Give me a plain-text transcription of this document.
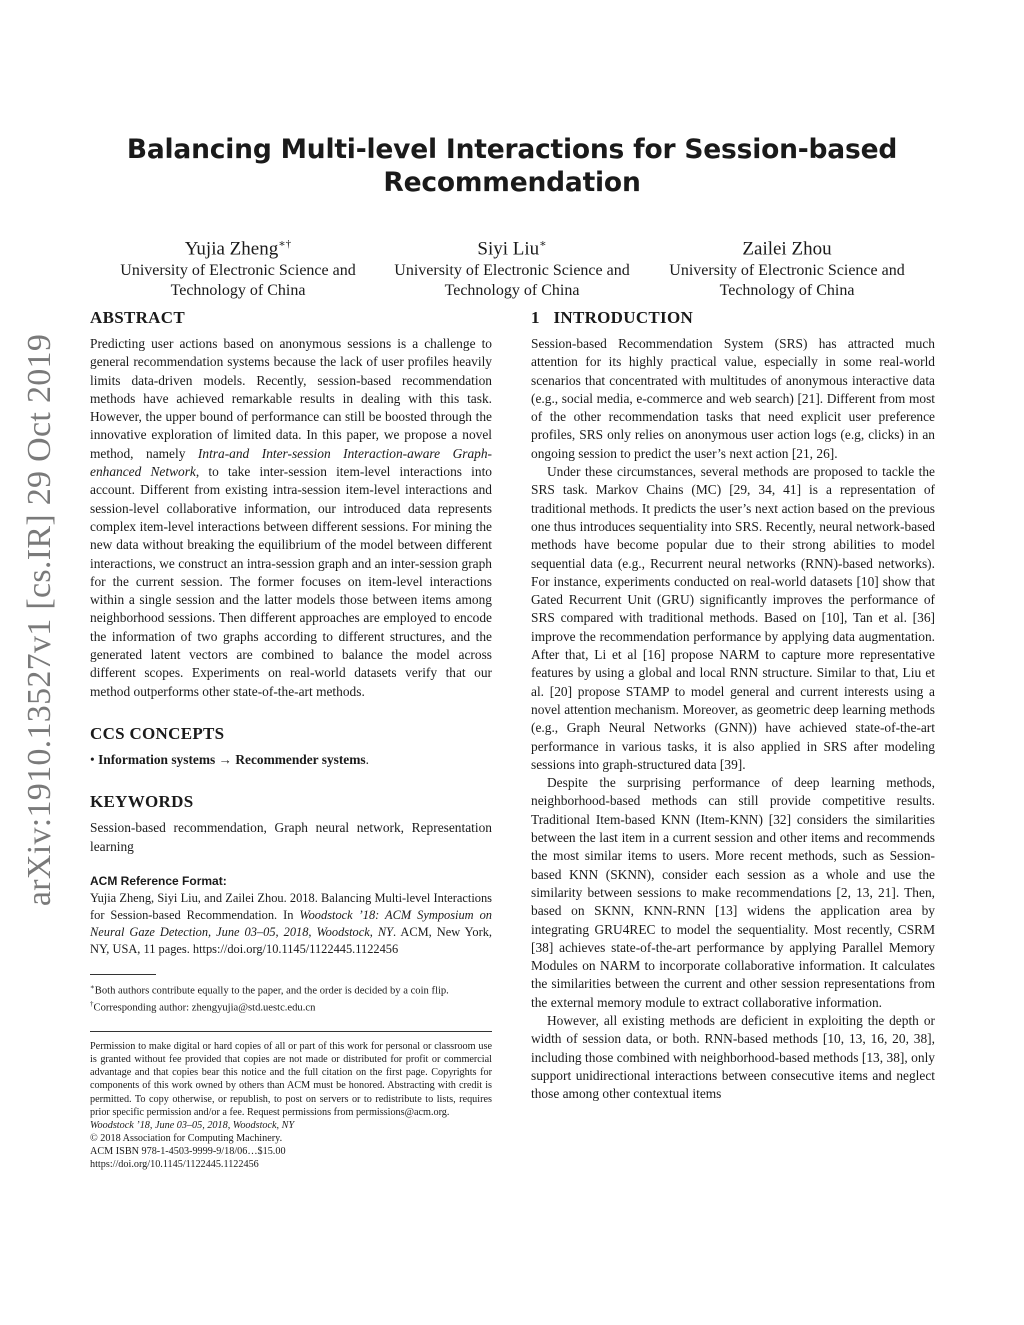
Balancing Multi-level Interactions for Session-based Recommendation
Yujia Zheng∗†
University of Electronic Science and
Technology of China
Siyi Liu∗
University of Electronic Science and
Technology of China
Zailei Zhou
University of Electronic Science and
Technology of China
arXiv:1910.13527v1 [cs.IR] 29 Oct 2019
ABSTRACT

Predicting user actions based on anonymous sessions is a challenge to general recommendation systems because the lack of user profiles heavily limits data-driven models. Recently, session-based recommendation methods have achieved remarkable results in dealing with this task. However, the upper bound of performance can still be boosted through the innovative exploration of limited data. In this paper, we propose a novel method, namely Intra-and Inter-session Interaction-aware Graph-enhanced Network, to take inter-session item-level interactions into account. Different from existing intra-session item-level interactions and session-level collaborative information, our introduced data represents complex item-level interactions between different sessions. For mining the new data without breaking the equilibrium of the model between different interactions, we construct an intra-session graph and an inter-session graph for the current session. The former focuses on item-level interactions within a single session and the latter models those between items among neighborhood sessions. Then different approaches are employed to encode the information of two graphs according to different structures, and the generated latent vectors are combined to balance the model across different scopes. Experiments on real-world datasets verify that our method outperforms other state-of-the-art methods.

CCS CONCEPTS

• Information systems → Recommender systems.

KEYWORDS

Session-based recommendation, Graph neural network, Representation learning

ACM Reference Format:

Yujia Zheng, Siyi Liu, and Zailei Zhou. 2018. Balancing Multi-level Interactions for Session-based Recommendation. In Woodstock ’18: ACM Symposium on Neural Gaze Detection, June 03–05, 2018, Woodstock, NY. ACM, New York, NY, USA, 11 pages. https://doi.org/10.1145/1122445.1122456

∗Both authors contribute equally to the paper, and the order is decided by a coin flip.
†Corresponding author: zhengyujia@std.uestc.edu.cn
Permission to make digital or hard copies of all or part of this work for personal or classroom use is granted without fee provided that copies are not made or distributed for profit or commercial advantage and that copies bear this notice and the full citation on the first page. Copyrights for components of this work owned by others than ACM must be honored. Abstracting with credit is permitted. To copy otherwise, or republish, to post on servers or to redistribute to lists, requires prior specific permission and/or a fee. Request permissions from permissions@acm.org.
Woodstock ’18, June 03–05, 2018, Woodstock, NY
© 2018 Association for Computing Machinery.
ACM ISBN 978-1-4503-9999-9/18/06…$15.00
https://doi.org/10.1145/1122445.1122456
1   INTRODUCTION

Session-based Recommendation System (SRS) has attracted much attention for its highly practical value, especially in some real-world scenarios that concentrated with multitudes of anonymous interactive data (e.g., social media, e-commerce and web search) [21]. Different from most of the other recommendation tasks that need explicit user preference profiles, SRS only relies on anonymous user action logs (e.g, clicks) in an ongoing session to predict the user’s next action [21, 26].

Under these circumstances, several methods are proposed to tackle the SRS task. Markov Chains (MC) [29, 34, 41] is a representation of traditional methods. It predicts the user’s next action based on the previous one thus introduces sequentiality into SRS. Recently, neural network-based methods have become popular due to their strong abilities to model sequential data (e.g., Recurrent neural networks (RNN)-based networks). For instance, experiments conducted on real-world datasets [10] show that Gated Recurrent Unit (GRU) significantly improves the performance of SRS compared with traditional methods. Based on [10], Tan et al. [36] improve the recommendation performance by applying data augmentation. After that, Li et al [16] propose NARM to capture more representative features by using a global and local RNN structure. Similar to that, Liu et al. [20] propose STAMP to model general and current interests using a novel attention mechanism. Moreover, as geometric deep learning methods (e.g., Graph Neural Networks (GNN)) have achieved state-of-the-art performance in various tasks, it is also applied in SRS after modeling sessions into graph-structured data [39].

Despite the surprising performance of deep learning methods, neighborhood-based methods can still provide competitive results. Traditional Item-based KNN (Item-KNN) [32] considers the similarities between the last item in a current session and other items and recommends the most similar items to users. More recent methods, such as Session-based KNN (SKNN), consider each session as a whole and use the similarity between sessions to make recommendations [2, 13, 21]. Then, based on SKNN, KNN-RNN [13] widens the application area by integrating GRU4REC to model the sequentiality. Most recently, CSRM [38] achieves state-of-the-art performance by applying Parallel Memory Modules on NARM to incorporate collaborative information. It calculates the similarities between the current and other session representations from the external memory module to extract collaborative information.

However, all existing methods are deficient in exploiting the depth or width of session data, or both. RNN-based methods [10, 13, 16, 20, 38], including those combined with neighborhood-based methods [13, 38], only support unidirectional interactions between consecutive items and neglect those among other contextual items
